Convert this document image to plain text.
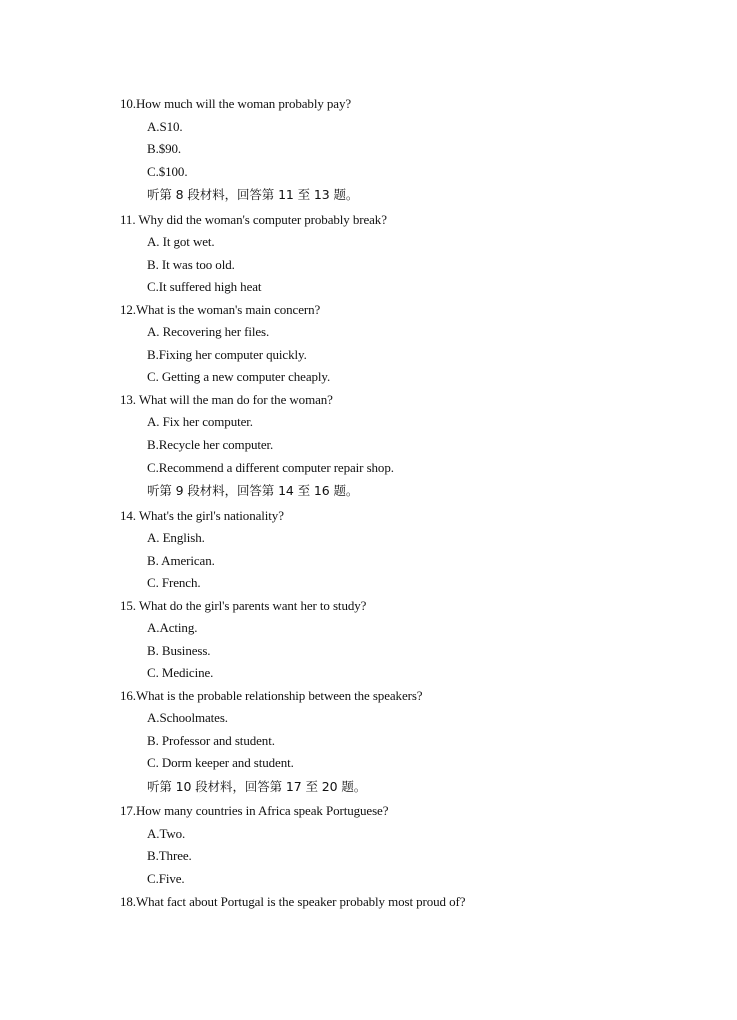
10.How much will the woman probably pay?
A.S10.
B.$90.
C.$100.
听第 8 段材料，回答第 11 至 13 题。
11. Why did the woman's computer probably break?
A. It got wet.
B. It was too old.
C.It suffered high heat
12.What is the woman's main concern?
A. Recovering her files.
B.Fixing her computer quickly.
C. Getting a new computer cheaply.
13. What will the man do for the woman?
A. Fix her computer.
B.Recycle her computer.
C.Recommend a different computer repair shop.
听第 9 段材料，回答第 14 至 16 题。
14. What's the girl's nationality?
A. English.
B. American.
C. French.
15. What do the girl's parents want her to study?
A.Acting.
B. Business.
C. Medicine.
16.What is the probable relationship between the speakers?
A.Schoolmates.
B. Professor and student.
C. Dorm keeper and student.
听第 10 段材料，回答第 17 至 20 题。
17.How many countries in Africa speak Portuguese?
A.Two.
B.Three.
C.Five.
18.What fact about Portugal is the speaker probably most proud of?
